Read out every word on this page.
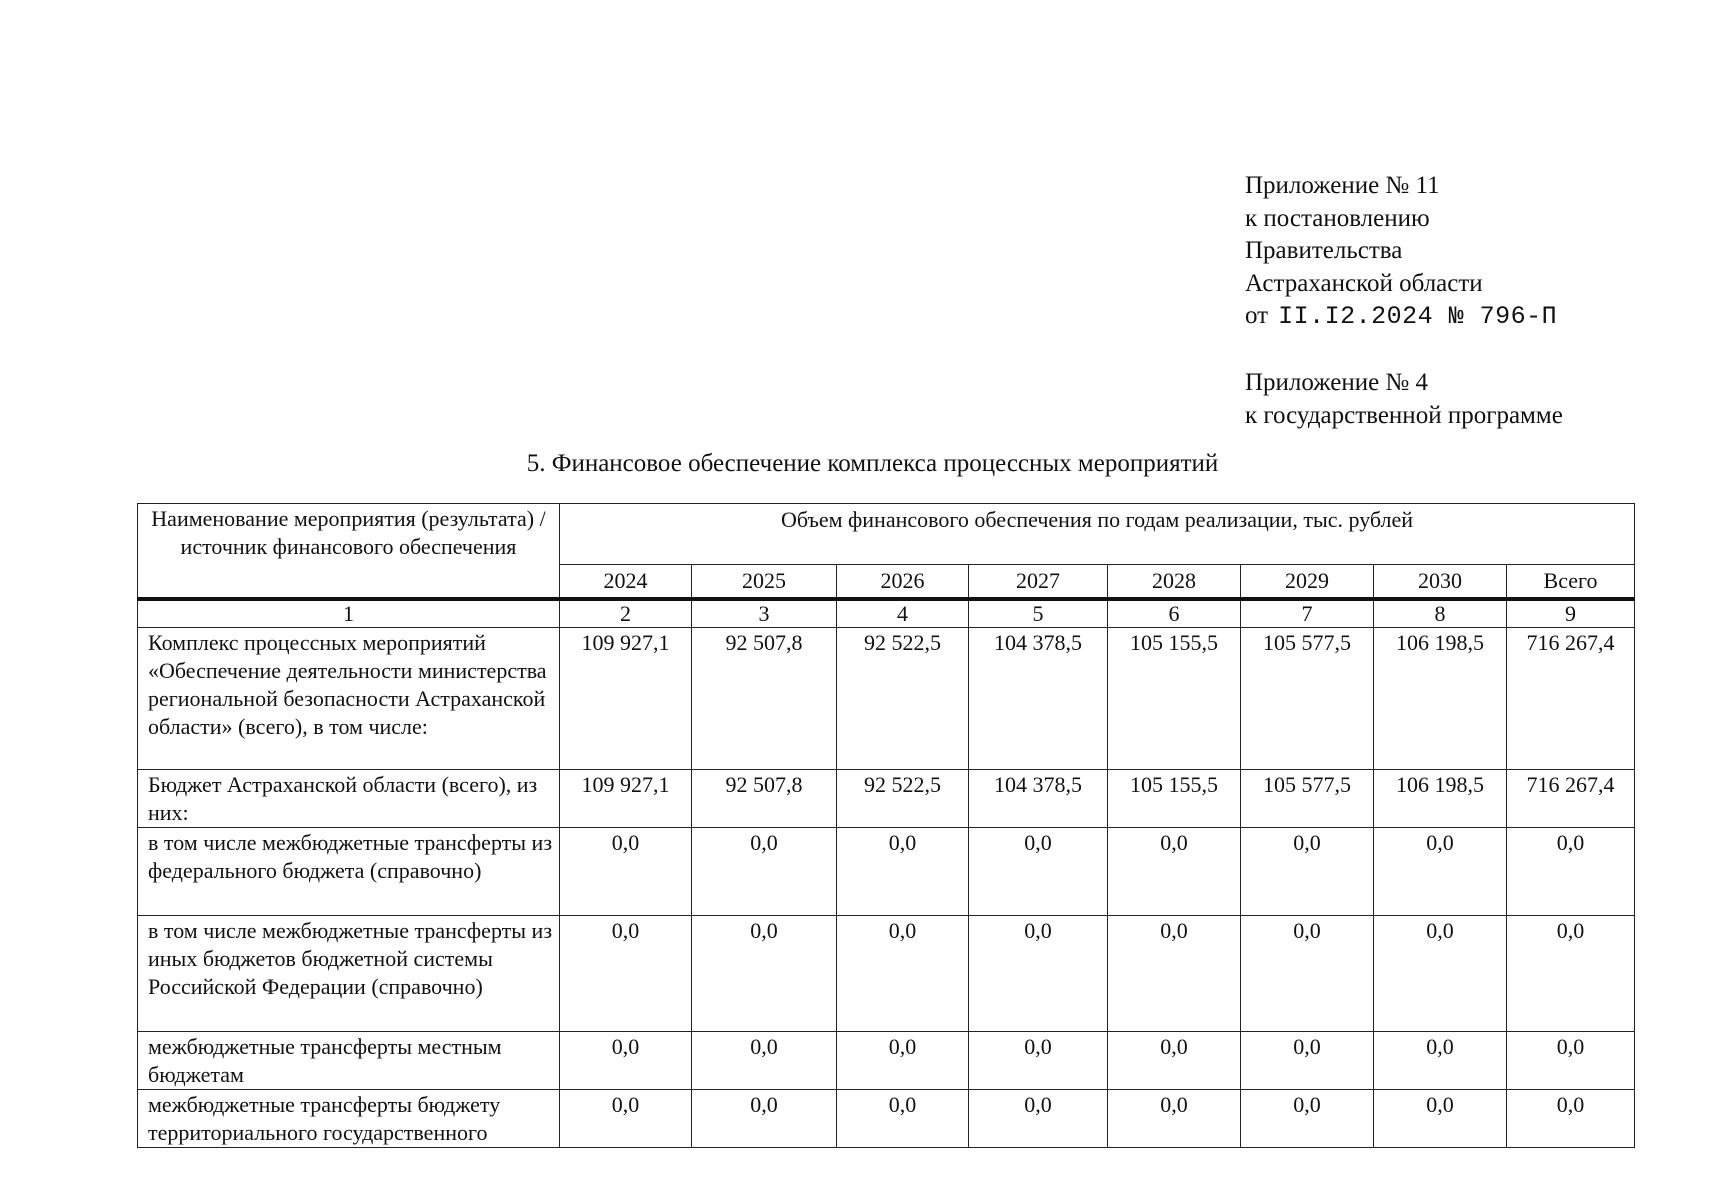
Приложение № 11
к постановлению
Правительства
Астраханской области
от II.I2.2024 № 796-П
Приложение № 4
к государственной программе
5. Финансовое обеспечение комплекса процессных мероприятий
Наименование мероприятия (результата) / источник финансового обеспечения	Объем финансового обеспечения по годам реализации, тыс. рублей							
	2024	2025	2026	2027	2028	2029	2030	Всего
1	2	3	4	5	6	7	8	9
Комплекс процессных мероприятий «Обеспечение деятельности министерства региональной безопасности Астраханской области» (всего), в том числе:	109 927,1	92 507,8	92 522,5	104 378,5	105 155,5	105 577,5	106 198,5	716 267,4
Бюджет Астраханской области (всего), из них:	109 927,1	92 507,8	92 522,5	104 378,5	105 155,5	105 577,5	106 198,5	716 267,4
в том числе межбюджетные трансферты из федерального бюджета (справочно)	0,0	0,0	0,0	0,0	0,0	0,0	0,0	0,0
в том числе межбюджетные трансферты из иных бюджетов бюджетной системы Российской Федерации (справочно)	0,0	0,0	0,0	0,0	0,0	0,0	0,0	0,0
межбюджетные трансферты местным бюджетам	0,0	0,0	0,0	0,0	0,0	0,0	0,0	0,0
межбюджетные трансферты бюджету территориального государственного	0,0	0,0	0,0	0,0	0,0	0,0	0,0	0,0
